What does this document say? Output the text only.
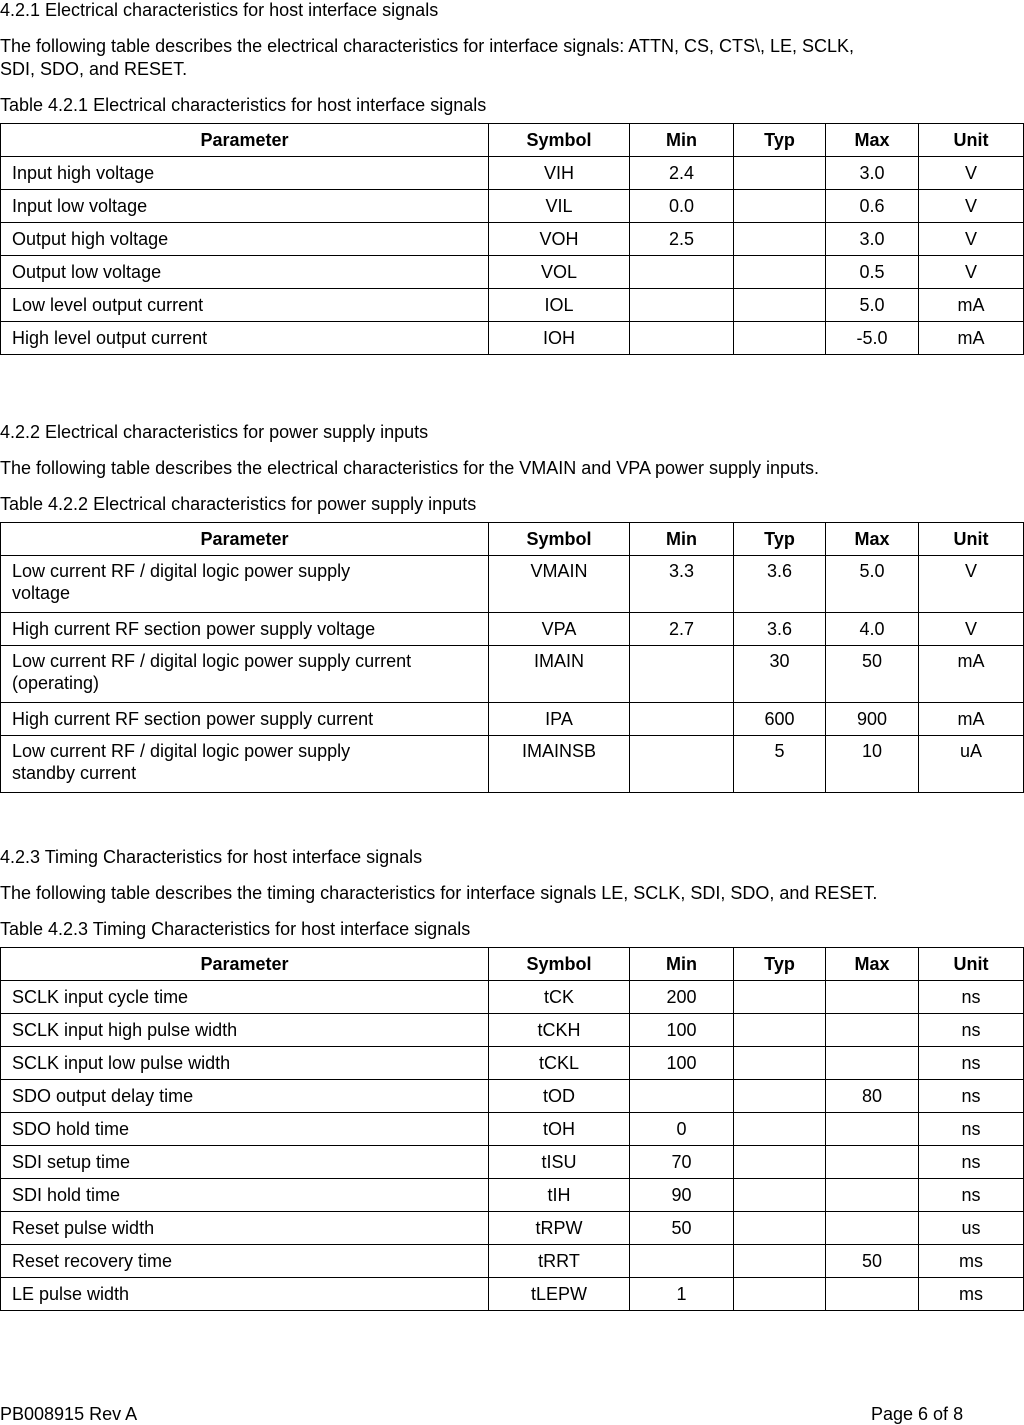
4.2.1 Electrical characteristics for host interface signals
The following table describes the electrical characteristics for interface signals: ATTN, CS, CTS\, LE, SCLK,
SDI, SDO, and RESET.
Table 4.2.1 Electrical characteristics for host interface signals
Parameter	Symbol	Min	Typ	Max	Unit
Input high voltage	VIH	2.4		3.0	V
Input low voltage	VIL	0.0		0.6	V
Output high voltage	VOH	2.5		3.0	V
Output low voltage	VOL			0.5	V
Low level output current	IOL			5.0	mA
High level output current	IOH			-5.0	mA
4.2.2 Electrical characteristics for power supply inputs
The following table describes the electrical characteristics for the VMAIN and VPA power supply inputs.
Table 4.2.2 Electrical characteristics for power supply inputs
Parameter	Symbol	Min	Typ	Max	Unit
Low current RF / digital logic power supply
voltage	VMAIN	3.3	3.6	5.0	V
High current RF section power supply voltage	VPA	2.7	3.6	4.0	V
Low current RF / digital logic power supply current
(operating)	IMAIN		30	50	mA
High current RF section power supply current	IPA		600	900	mA
Low current RF / digital logic power supply
standby current	IMAINSB		5	10	uA
4.2.3 Timing Characteristics for host interface signals
The following table describes the timing characteristics for interface signals LE, SCLK, SDI, SDO, and RESET.
Table 4.2.3 Timing Characteristics for host interface signals
Parameter	Symbol	Min	Typ	Max	Unit
SCLK input cycle time	tCK	200			ns
SCLK input high pulse width	tCKH	100			ns
SCLK input low pulse width	tCKL	100			ns
SDO output delay time	tOD			80	ns
SDO hold time	tOH	0			ns
SDI setup time	tISU	70			ns
SDI hold time	tIH	90			ns
Reset pulse width	tRPW	50			us
Reset recovery time	tRRT			50	ms
LE pulse width	tLEPW	1			ms
PB008915 Rev A	Page 6 of 8
